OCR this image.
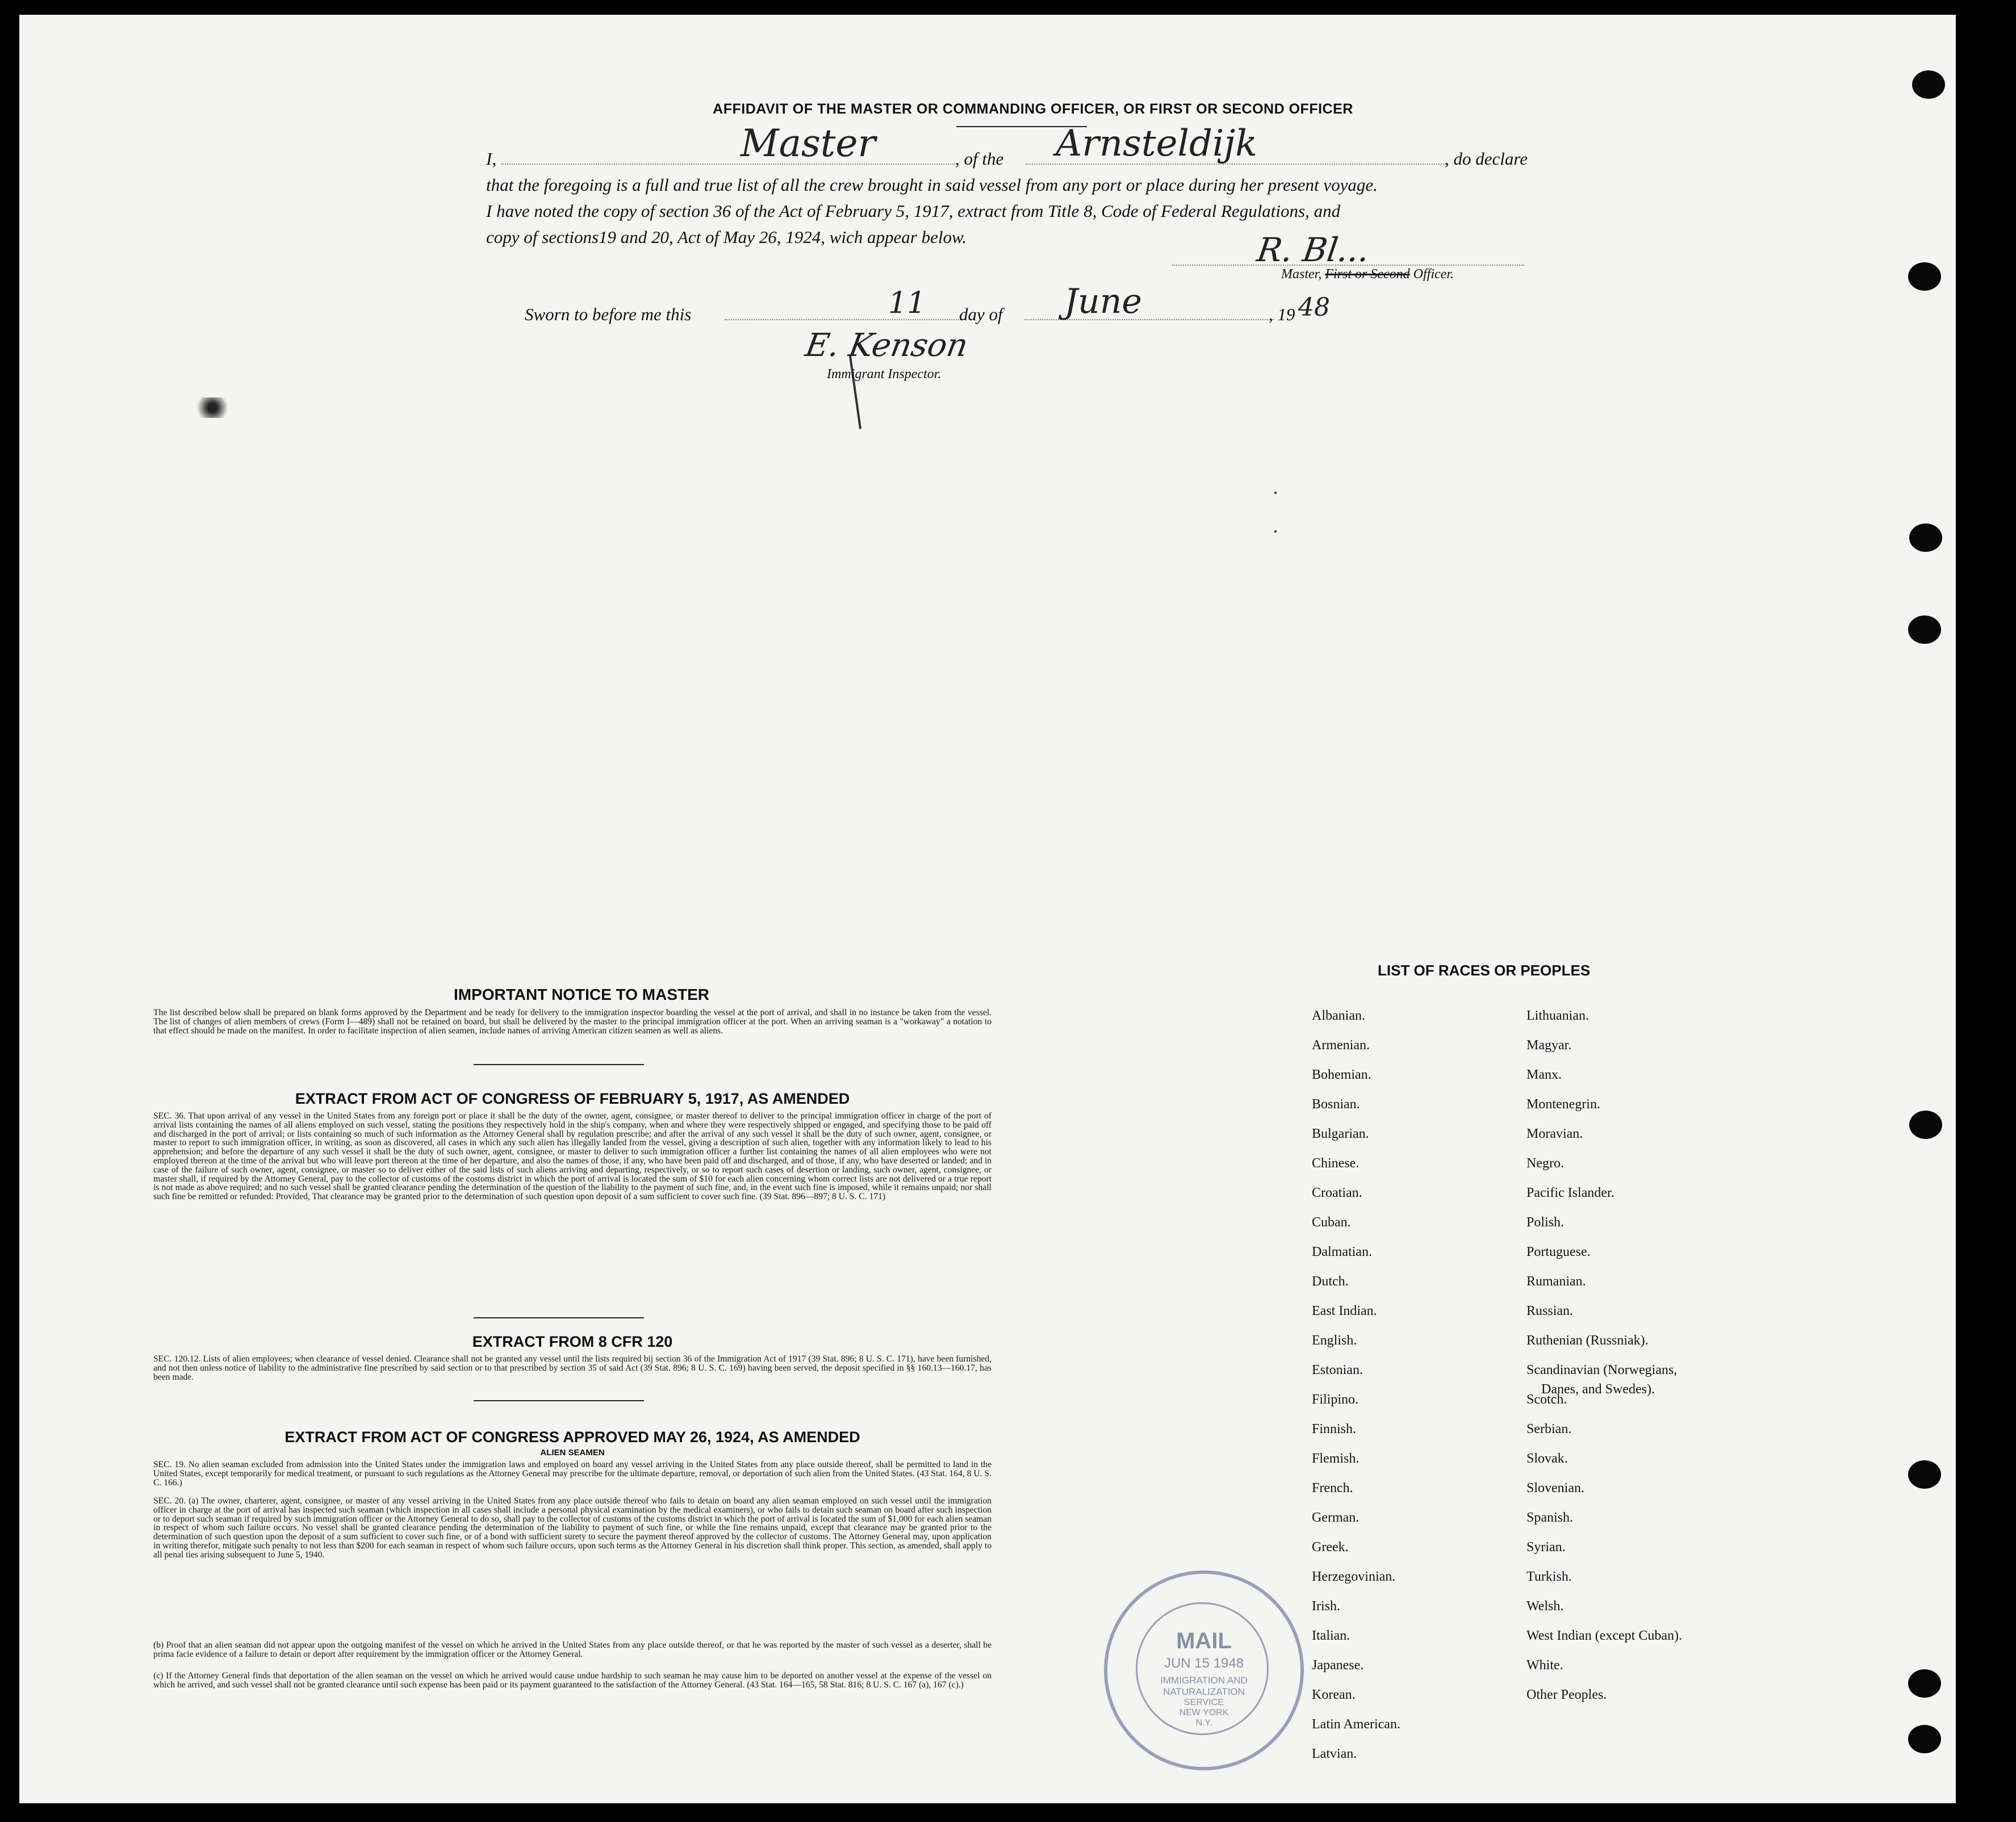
AFFIDAVIT OF THE MASTER OR COMMANDING OFFICER, OR FIRST OR SECOND OFFICER
I,	Master	, of the Arnsteldijk	, do declare
that the foregoing is a full and true list of all the crew brought in said vessel from any port or place during her present voyage.
I have noted the copy of section 36 of the Act of February 5, 1917, extract from Title 8, Code of Federal Regulations, and
copy of sections19 and 20, Act of May 26, 1924, wich appear below.	R. Bl...
Master, First or Second Officer.
Sworn to before me this	11 day of June	, 19 48
E. Kenson
Immigrant Inspector.
IMPORTANT NOTICE TO MASTER
The list described below shall be prepared on blank forms approved by the Department and be ready for delivery to the immigration inspector boarding the vessel at the port of arrival, and shall in no instance be taken from the vessel. The list of changes of alien members of crews (Form I—489) shall not be retained on board, but shall be delivered by the master to the principal immigration officer at the port. When an arriving seaman is a "workaway" a notation to that effect should be made on the manifest. In order to facilitate inspection of alien seamen, include names of arriving American citizen seamen as well as aliens.
EXTRACT FROM ACT OF CONGRESS OF FEBRUARY 5, 1917, AS AMENDED
SEC. 36. That upon arrival of any vessel in the United States from any foreign port or place it shall be the duty of the owner, agent, consignee, or master thereof to deliver to the principal immigration officer in charge of the port of arrival lists containing the names of all aliens employed on such vessel, stating the positions they respectively hold in the ship's company, when and where they were respectively shipped or engaged, and specifying those to be paid off and discharged in the port of arrival; or lists containing so much of such information as the Attorney General shall by regulation prescribe; and after the arrival of any such vessel it shall be the duty of such owner, agent, consignee, or master to report to such immigration officer, in writing, as soon as discovered, all cases in which any such alien has illegally landed from the vessel, giving a description of such alien, together with any information likely to lead to his apprehension; and before the departure of any such vessel it shall be the duty of such owner, agent, consignee, or master to deliver to such immigration officer a further list containing the names of all alien employees who were not employed thereon at the time of the arrival but who will leave port thereon at the time of her departure, and also the names of those, if any, who have been paid off and discharged, and of those, if any, who have deserted or landed; and in case of the failure of such owner, agent, consignee, or master so to deliver either of the said lists of such aliens arriving and departing, respectively, or so to report such cases of desertion or landing, such owner, agent, consignee, or master shall, if required by the Attorney General, pay to the collector of customs of the costoms district in which the port of arrival is located the sum of $10 for each alien concerning whom correct lists are not delivered or a true report is not made as above required; and no such vessel shall be granted clearance pending the determination of the question of the liability to the payment of such fine, and, in the event such fine is imposed, while it remains unpaid; nor shall such fine be remitted or refunded: Provided, That clearance may be granted prior to the determination of such question upon deposit of a sum sufficient to cover such fine. (39 Stat. 896—897; 8 U. S. C. 171)
EXTRACT FROM 8 CFR 120
SEC. 120.12. Lists of alien employees; when clearance of vessel denied. Clearance shall not be granted any vessel until the lists required bij section 36 of the Immigration Act of 1917 (39 Stat. 896; 8 U. S. C. 171), have been furnished, and not then unless notice of liability to the administrative fine prescribed by said section or to that prescribed by section 35 of said Act (39 Stat. 896; 8 U. S. C. 169) having been served, the deposit specified in §§ 160.13—160.17, has been made.
EXTRACT FROM ACT OF CONGRESS APPROVED MAY 26, 1924, AS AMENDED
ALIEN SEAMEN
SEC. 19. No alien seaman excluded from admission into the United States under the immigration laws and employed on board any vessel arriving in the United States from any place outside thereof, shall be permitted to land in the United States, except temporarily for medical treatment, or pursuant to such regulations as the Attorney General may prescribe for the ultimate departure, removal, or deportation of such alien from the United States. (43 Stat. 164, 8 U. S. C. 166.)
SEC. 20. (a) The owner, charterer, agent, consignee, or master of any vessel arriving in the United States from any place outside thereof who fails to detain on board any alien seaman employed on such vessel until the immigration officer in charge at the port of arrival has inspected such seaman (which inspection in all cases shall include a personal physical examination by the medical examiners), or who fails to detain such seaman on board after such inspection or to deport such seaman if required by such immigration officer or the Attorney General to do so, shall pay to the collector of customs of the customs district in which the port of arrival is located the sum of $1,000 for each alien seaman in respect of whom such failure occurs. No vessel shall be granted clearance pending the determination of the liability to payment of such fine, or while the fine remains unpaid, except that clearance may be granted prior to the determination of such question upon the deposit of a sum sufficient to cover such fine, or of a bond with sufficient surety to secure the payment thereof approved by the collector of customs. The Attorney General may, upon application in writing therefor, mitigate such penalty to not less than $200 for each seaman in respect of whom such failure occurs, upon such terms as the Attorney General in his discretion shall think proper. This section, as amended, shall apply to all penal ties arising subsequent to June 5, 1940.
(b) Proof that an alien seaman did not appear upon the outgoing manifest of the vessel on which he arrived in the United States from any place outside thereof, or that he was reported by the master of such vessel as a deserter, shall be prima facie evidence of a failure to detain or deport after requirement by the immigration officer or the Attorney General.
(c) If the Attorney General finds that deportation of the alien seaman on the vessel on which he arrived would cause undue hardship to such seaman he may cause him to be deported on another vessel at the expense of the vessel on which he arrived, and such vessel shall not be granted clearance until such expense has been paid or its payment guaranteed to the satisfaction of the Attorney General. (43 Stat. 164—165, 58 Stat. 816; 8 U. S. C. 167 (a), 167 (c).)
LIST OF RACES OR PEOPLES
Albanian.
Armenian.
Bohemian.
Bosnian.
Bulgarian.
Chinese.
Croatian.
Cuban.
Dalmatian.
Dutch.
East Indian.
English.
Estonian.
Filipino.
Finnish.
Flemish.
French.
German.
Greek.
Herzegovinian.
Irish.
Italian.
Japanese.
Korean.
Latin American.
Latvian.
Lithuanian.
Magyar.
Manx.
Montenegrin.
Moravian.
Negro.
Pacific Islander.
Polish.
Portuguese.
Rumanian.
Russian.
Ruthenian (Russniak).
Scandinavian (Norwegians,
Danes, and Swedes).
Scotch.
Serbian.
Slovak.
Slovenian.
Spanish.
Syrian.
Turkish.
Welsh.
West Indian (except Cuban).
White.
Other Peoples.
MAIL
JUN 15 1948
IMMIGRATION AND
NATURALIZATION
SERVICE
NEW YORK
N.Y.
